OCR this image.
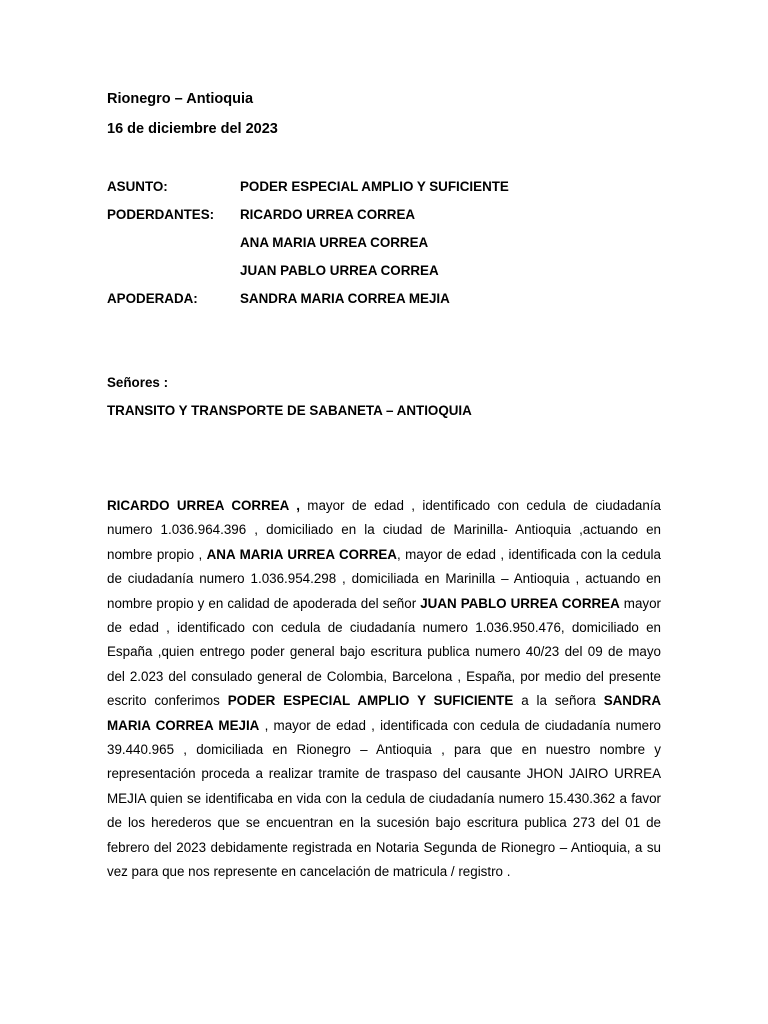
Rionegro – Antioquia
16 de diciembre del 2023
ASUNTO:	PODER ESPECIAL AMPLIO Y SUFICIENTE
PODERDANTES: RICARDO URREA CORREA
ANA MARIA URREA CORREA
JUAN PABLO URREA CORREA
APODERADA:	SANDRA MARIA CORREA MEJIA
Señores :
TRANSITO Y TRANSPORTE DE SABANETA – ANTIOQUIA
RICARDO URREA CORREA , mayor de edad , identificado con cedula de ciudadanía numero 1.036.964.396 , domiciliado en la ciudad de Marinilla- Antioquia ,actuando en nombre propio , ANA MARIA URREA CORREA, mayor de edad , identificada con la cedula de ciudadanía numero 1.036.954.298 , domiciliada en Marinilla – Antioquia , actuando en nombre propio y en calidad de apoderada del señor JUAN PABLO URREA CORREA mayor de edad , identificado con cedula de ciudadanía numero 1.036.950.476, domiciliado en España ,quien entrego poder general bajo escritura publica numero 40/23 del 09 de mayo del 2.023 del consulado general de Colombia, Barcelona , España, por medio del presente escrito conferimos PODER ESPECIAL AMPLIO Y SUFICIENTE a la señora SANDRA MARIA CORREA MEJIA , mayor de edad , identificada con cedula de ciudadanía numero 39.440.965 , domiciliada en Rionegro – Antioquia , para que en nuestro nombre y representación proceda a realizar tramite de traspaso del causante JHON JAIRO URREA MEJIA quien se identificaba en vida con la cedula de ciudadanía numero 15.430.362 a favor de los herederos que se encuentran en la sucesión bajo escritura publica 273 del 01 de febrero del 2023 debidamente registrada en Notaria Segunda de Rionegro – Antioquia, a su vez para que nos represente en cancelación de matricula / registro .
